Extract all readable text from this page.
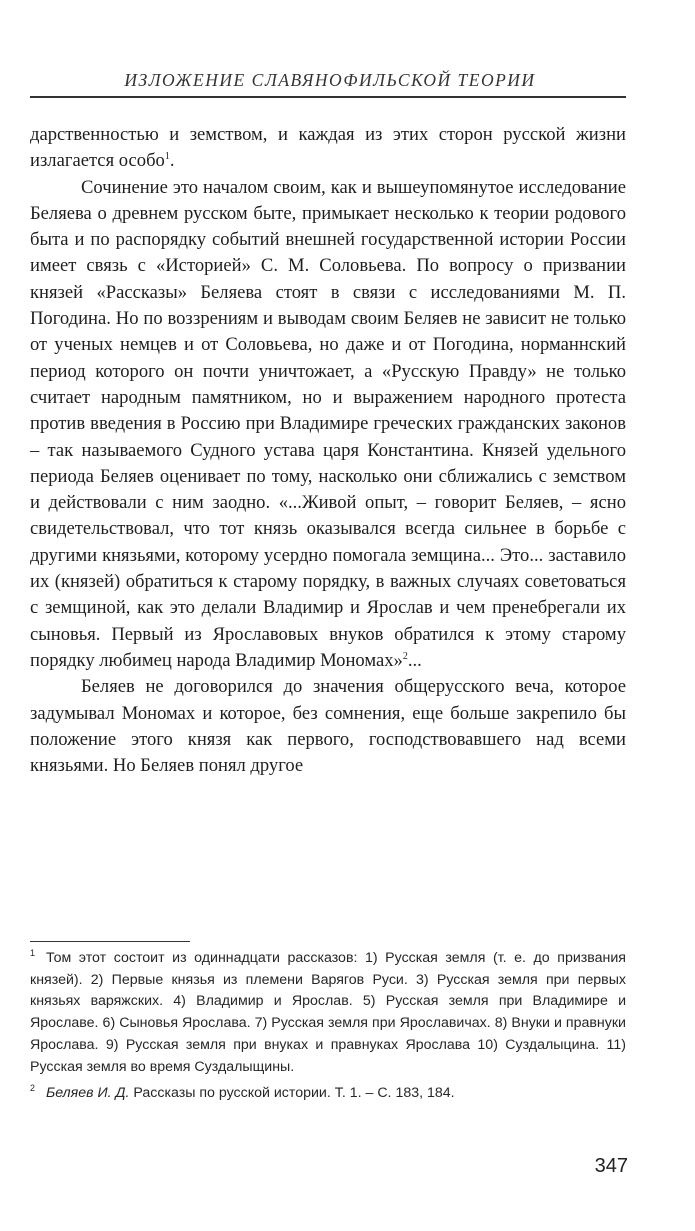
ИЗЛОЖЕНИЕ СЛАВЯНОФИЛЬСКОЙ ТЕОРИИ

дарственностью и земством, и каждая из этих сторон русской жизни излагается особо$^1$.

Сочинение это началом своим, как и вышеупомянутое исследование Беляева о древнем русском быте, примыкает несколько к теории родового быта и по распорядку событий внешней государственной истории России имеет связь с «Историей» С. М. Соловьева. По вопросу о призвании князей «Рассказы» Беляева стоят в связи с исследованиями М. П. Погодина. Но по воззрениям и выводам своим Беляев не зависит не только от ученых немцев и от Соловьева, но даже и от Погодина, норманнский период которого он почти уничтожает, а «Русскую Правду» не только считает народным памятником, но и выражением народного протеста против введения в Россию при Владимире греческих гражданских законов – так называемого Судного устава царя Константина. Князей удельного периода Беляев оценивает по тому, насколько они сближались с земством и действовали с ним заодно. «...Живой опыт, – говорит Беляев, – ясно свидетельствовал, что тот князь оказывался всегда сильнее в борьбе с другими князьями, которому усердно помогала земщина... Это... заставило их (князей) обратиться к старому порядку, в важных случаях советоваться с земщиной, как это делали Владимир и Ярослав и чем пренебрегали их сыновья. Первый из Ярославовых внуков обратился к этому старому порядку любимец народа Владимир Мономах»$^2$...

Беляев не договорился до значения общерусского веча, которое задумывал Мономах и которое, без сомнения, еще больше закрепило бы положение этого князя как первого, господствовавшего над всеми князьями. Но Беляев понял другое

$^1$ Том этот состоит из одиннадцати рассказов: 1) Русская земля (т. е. до призвания князей). 2) Первые князья из племени Варягов Руси. 3) Русская земля при первых князьях варяжских. 4) Владимир и Ярослав. 5) Русская земля при Владимире и Ярославе. 6) Сыновья Ярослава. 7) Русская земля при Ярославичах. 8) Внуки и правнуки Ярослава. 9) Русская земля при внуках и правнуках Ярослава 10) Суздалыцина. 11) Русская земля во время Суздалыщины.

$^2$ Беляев И. Д. Рассказы по русской истории. Т. 1. – С. 183, 184.

347
